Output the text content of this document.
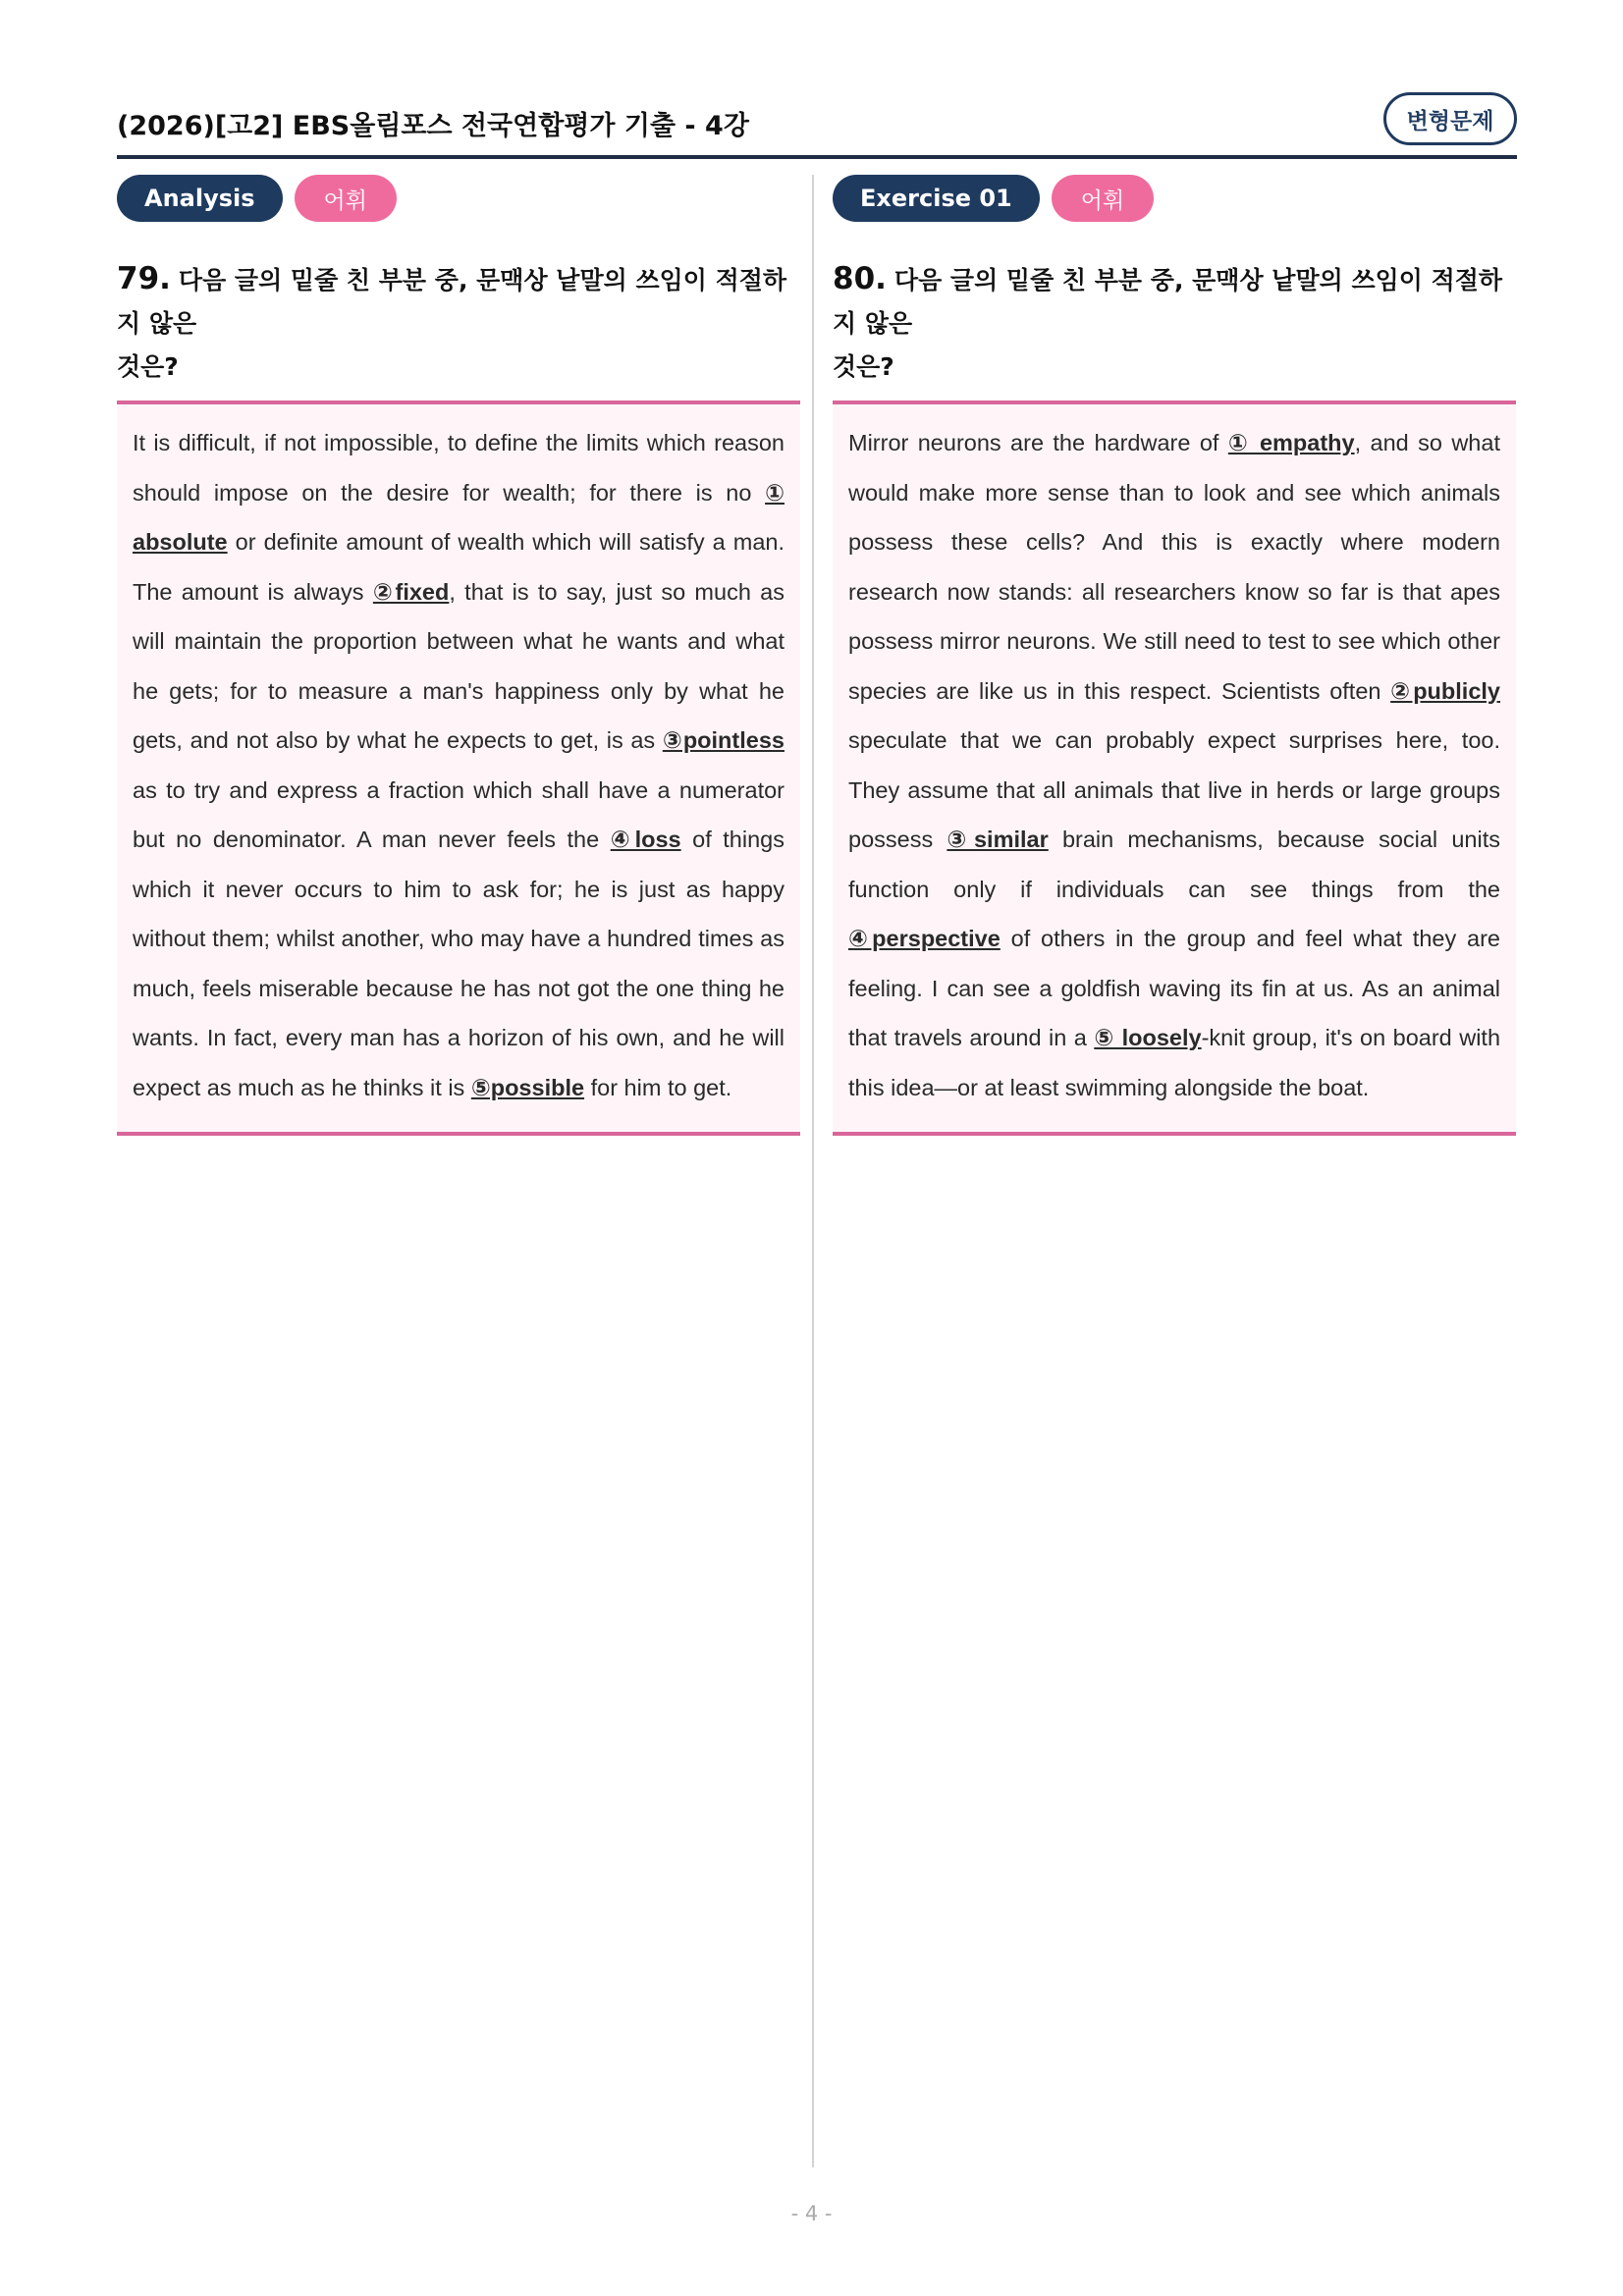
(2026)[고2] EBS올림포스 전국연합평가 기출 - 4강	변형문제
Analysis	어휘
79. 다음 글의 밑줄 친 부분 중, 문맥상 낱말의 쓰임이 적절하지 않은
것은?
It is difficult, if not impossible, to define the limits which reason should impose on the desire for wealth; for there is no ① absolute or definite amount of wealth which will satisfy a man. The amount is always ②fixed, that is to say, just so much as will maintain the proportion between what he wants and what he gets; for to measure a man's happiness only by what he gets, and not also by what he expects to get, is as ③pointless as to try and express a fraction which shall have a numerator but no denominator. A man never feels the ④loss of things which it never occurs to him to ask for; he is just as happy without them; whilst another, who may have a hundred times as much, feels miserable because he has not got the one thing he wants. In fact, every man has a horizon of his own, and he will expect as much as he thinks it is ⑤possible for him to get.
Exercise 01	어휘
80. 다음 글의 밑줄 친 부분 중, 문맥상 낱말의 쓰임이 적절하지 않은
것은?
Mirror neurons are the hardware of ① empathy, and so what would make more sense than to look and see which animals possess these cells? And this is exactly where modern research now stands: all researchers know so far is that apes possess mirror neurons. We still need to test to see which other species are like us in this respect. Scientists often ②publicly speculate that we can probably expect surprises here, too. They assume that all animals that live in herds or large groups possess ③similar brain mechanisms, because social units function only if individuals can see things from the ④perspective of others in the group and feel what they are feeling. I can see a goldfish waving its fin at us. As an animal that travels around in a ⑤ loosely-knit group, it's on board with this idea—or at least swimming alongside the boat.
- 4 -
